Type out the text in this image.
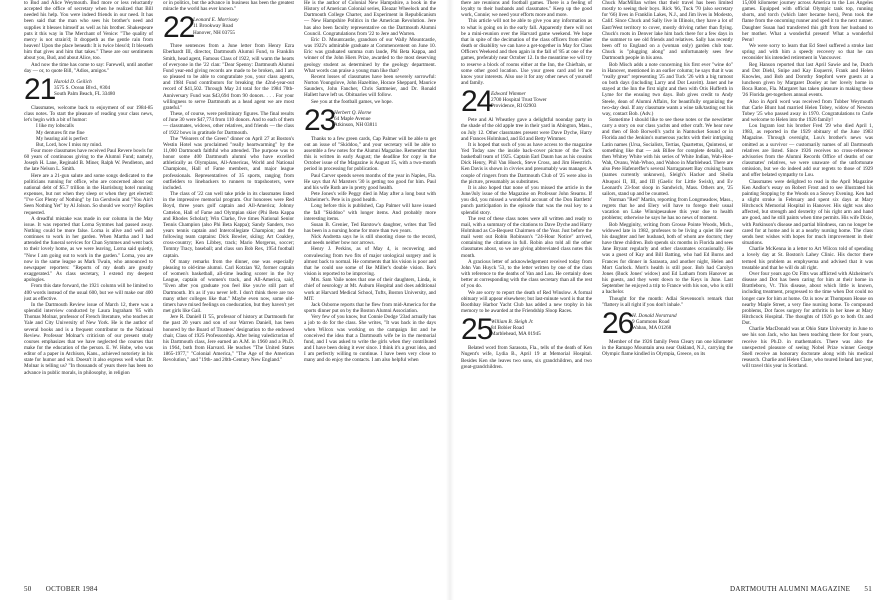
to Bud and Alice Weymouth. Bud more or less reluctantly accepted the office of secretary when he realized that Bill needed his help. You were indeed friends in our need. It has been said that the man who sees his brother's need and supplies it blesses himself as well as his brother. Shakespeare puts it this way in The Merchant of Venice: "The quality of mercy is not strain'd; It droppeth as the gentle rain from heaven! Upon the place beneath: It is twice bless'd; It blesseth him that gives and him that takes." These are our sentiments about you, Bud, and about Alice, too.

And now the time has come to say: Farewell, until another day — or, to quote Bill, "Adios, amigos."

21
Harold D. Geilich
3575 S. Ocean Blvd., #304
South Palm Beach, FL 33480

Classmates, welcome back to enjoyment of our 1984-85 class notes. To start the pleasure of reading your class news, let's begin with a bit of humor:

I like my lobscalls

My dentures fit me fine

My hearing aid is perfect

But, Lord, how I miss my mind.

Four more classmates have received Paul Revere bowls for 60 years of continuous giving to the Alumni Fund; namely, Joseph H. Lane, Reginald B. Miner, Ralph W. Pendleton, and the late Nelson L. Smith.

Here are a 21-gun salute and some songs dedicated to the politicians running for office, who are concerned about our national debt of $5.7 trillion in the Harrisburg hotel running expenses, but not when they sleep or when they get elected: "I've Got Plenty of Nothing" by Ira Gershwin and "You Ain't Seen Nothing Yet" by Al Jolson. So should we worry? Replies requested.

A dreadful mistake was made in our column in the May issue. It was reported that Lorna Symmes had passed away. Nothing could be more false. Lorna is alive and well and continues to work in her garden. When Martha and I had attended the funeral services for Chan Symmes and went back to their lovely home, as we were leaving, Lorna said quietly, "Now I am going out to work in the garden." Lorna, you are now in the same league as Mark Twain, who announced to newspaper reporters: "Reports of my death are greatly exaggerated." As class secretary, I extend my deepest apologies.

From this date forward, the 1921 column will be limited to 400 words instead of the usual 600, but we will make our 400 just as effective.

In the Dartmouth Review issue of March 12, there was a splendid interview conducted by Laura Ingraham '85 with Thomas Molnar, professor of French literature, who teaches at Yale and City University of New York. He is the author of several books and is a frequent contributor to the National Review. Professor Molnar's criticism of our present study courses emphasizes that we have neglected the courses that make for the education of the person. E. W. Hobe, who was editor of a paper in Atchison, Kans., achieved notoriety in his state for humor and wit. Doesn't it also express well what Dr. Molnar is telling us? "In thousands of years there has been no advance in public morals, in philosophy, in religion

or in politics, but the advance in business has been the greatest miracle the world has ever known."

22
Leonard E. Morrissey
11 Brookway Road
Hanover, NH 03755

Three sentences from a June letter from Henry Ezra Eberhardt III, director, Dartmouth Alumni Fund, to Franklin Smith, head agent, Famous Class of 1922, will warm the hearts of everyone in the '22 clan: "Dear Spenny: Dartmouth Alumni Fund year-end giving records are made to be broken, and I am so pleased to be able to congratulate you, your class agents, and 1984 Fund contributors for breaking the 42nd-year-out record of $41,502. Through May 24 total for the 1984 70th-Anniversary Fund was $43,694 from 90 donors. . . . For your willingness to serve Dartmouth as a head agent we are most grateful."

These, of course, were preliminary figures. The final results of June 30 were $47,774 from 110 donors. And to each of them — classmates, widows, other relatives, and friends — the class of 1922 bows in gratitude for Dartmouth.

The "Wearers of the Green" dinner on April 27 at Boston's Westin Hotel was proclaimed "really heartwarming" by the 11,000 Dartmouth faithful who attended. The purpose was to honor some 400 Dartmouth alumni who have excelled athletically as Olympians, All-Americas, World and National Champions, Hall of Fame members, and major league professionals. Representatives of 35 sports, ranging from outfielders to linebackers to runners to trapshooters, were included.

The class of '22 can well take pride in its classmates listed in the impressive memorial program. Our honorees were Red Boyd, three years golf captain and All-America; Johnny Cattelon, Hall of Fame and Olympian skier (Phi Beta Kappa and Rhodes Scholar); Win Clarke, five times National Senior Tennis Champion (also Phi Beta Kappa); Sandy Sanders, two years tennis captain and Intercollegiate Champion; and the following team captains: Dick Bowler, skiing; Art Coakley, cross-country; Ken Libbey, track; Mario Morgerus, soccer; Tommy Tracy, baseball; and class son Bob Rex, 1954 football captain.

Of many remarks from the dinner, one was especially pleasing to old-time alumni. Carl Kotzian '82, former captain of women's basketball, all-time leading scorer in the Ivy League, captain of women's track, and All-America, said, "Even after you graduate you feel like you're still part of Dartmouth. It's as if you never left. I don't think there are too many other colleges like that." Maybe even now, some old-timers have mixed feelings on coeducation, but they haven't yet met girls like Gail.

Jere R. Daniell II '55, professor of history at Dartmouth for the past 20 years and son of our Warren Daniell, has been honored by the Board of Trustees' designation to the endowed chair, Class of 1925 Professorship. After being valedictorian of his Dartmouth class, Jere earned an A.M. in 1960 and a Ph.D. in 1964, both from Harvard. He teaches "The United States 1865-1977," "Colonial America," "The Age of the American Revolution," and "19th- and 20th-Century New England."

He is the author of Colonial New Hampshire, a book in the History of American Colonial series, Eleazar Wheelock and the Dartmouth College Charter, and Experiment in Republicanism — New Hampshire Politics in the American Revolution. Jere has also been faculty representative on the Dartmouth Alumni Council. Congratulations from '22 to Jere and Warren.

Eric D. Mountcastle, grandson of our Wally Mountcastle, was 1922's admirable graduate at Commencement on June 10. Eric was graduated summa cum laude, Phi Beta Kappa, and winner of the John Hiers Prize, awarded to the most deserving geology student as determined by the geology department. What words can praise a young man like that?

Recent losses of classmates have been severely sorrowful: Norton Youngslove, John Hazeltine, Horace Sheppard, Maurice Saunders, John Fancher, Chris Sattmeier, and Dr. Ronald Hallett have left us. Obituaries will follow.

See you at the football games, we hope.

23
Herbert Q. Horne
64 Maple Avenue
Atkinson, NH 03811

Thanks to a few green cards, Cap Palmer will be able to get out an issue of "Skiddoo," and your secretary will be able to assemble a few notes for the Alumni Magazine. Remember that this is written in early August; the deadline for copy in the October issue of the Magazine is August 15, with a two-month period in processing for publication.

Paul Carver spends seven months of the year in Naples, Fla. He says that Al Marsters '30 is getting too good for him. Paul and his wife Ruth are in pretty good health.

Pete Jones's wife Peggy died in May after a long bout with Alzheimer's. Pete is in good health.

Long before this is published, Cap Palmer will have issued the fall "Skiddoo" with longer items. And probably more interesting items.

Susan B. Grenier, Ted Barstow's daughter, writes that Ted has been in a nursing home for more than two years.

Nick Andretta says he is still shooting close to the record, and needs neither bow nor arrows.

Henry J. Perkins, as of May 4, is recovering and convalescing from two fits of major urological surgery and is almost back to normal. He comments that his vision is poor and that he could use some of Ike Miller's double vision. Ike's vision is reported to be improving.

Mrs. Sam Vaile notes that one of their daughters, Linda, is chief of neurology at Mt. Auburn Hospital and does additional work at Harvard Medical School, Tufts, Boston University, and MIT.

Jack Osborne reports that he flew from mid-America for the sports dinner put on by the Boston Alumni Association.

Very few of you know, but Connie Dodge '23ad actually has a job to do for the class. She writes, "It was back in the days when Wilcox was working on the campaign list and he conceived the idea that a Dartmouth wife be in the memorial fund, and I was asked to write the girls when they contributed and I have been doing it ever since. I think it's a great idea, and I am perfectly willing to continue. I have been very close to many and do enjoy the contacts. I am also helpful when

there are reunions and football games. There is a feeling of loyalty to their husbands and classmates." Keep up the good work, Connie; we need your efforts more and more.

This article will not be able to give you any information as to what is going on in the early fall. Apparently there will not be a mini-reunion over the Harvard game weekend. We hope that in spite of the decimation of the class officers from either death or disability we can have a get-together in May for Class Officers Weekend and then again in the fall of '85 at one of the games, preferably near October 12. In the meantime we will try to reserve a block of rooms either at the Inn, the Chieftain, or some other good location. Use your green card and let me know your interests. Also use it for any other news of yourself and family.

24
Edward Wimmer
2700 Hospital Trust Tower
Providence, RI 02903

Pete and Al Wheatley gave a delightful noonday party in the shade of the old apple tree in their yard in Abington, Mass., on July 12. Other classmates present were Dave Dyche, Harry and Frances Holmlund, and Ed and Betty Wimmer.

It is hoped that such of you as have access to the magazine Yed Today saw the inside back-cover picture of the Tuck basketball team of 1925. Captain Earl Daum has as his cousins Dick Henry, Phil Van Hueck, Steve Cross, and Jim Heestrich. Ken Davis is shown in civvies and presumably was manager. A couple of ringers from the Dartmouth Club of '25 were also in the picture, presumably as substitutes.

It is also hoped that none of you missed the article in the June/July issue of the Magazine on Professor John Stearns. If you did, you missed a wonderful account of the Don Bartletts' punch participation in the episode that was the real key to a splendid story.

The rest of these class notes were all written and ready to mail, with a summary of the citations to Dave Dyche and Harry Holmlund as Co-Bequest Chairmen of the Year. Just before the mail went out Robin Robinson's "24-Hour Notice" arrived, containing the citations in full. Robin also told all the other classmates about, so we are giving abbreviated class notes this month.

A gracious letter of acknowledgement received today from John Van Huyck '53, to the letter written by one of the class with reference to the deaths of Van and Lou. He certainly does better at corresponding with the class secretary than all the rest of you do.

We are sorry to report the death of Red Winslow. A formal obituary will appear elsewhere; but last-minute word is that the Boothbay Harbor Yacht Club has added a new trophy in his memory to be awarded at the Friendship Sloop Races.

25
William B. Sleigh Jr.
84 Bobier Road
Marblehead, MA 01945

Belated word from Sarasota, Fla., tells of the death of Ken Nugent's wife, Lydia B., April 19 at Memorial Hospital. Besides Ken she leaves two sons, six grandchildren, and two great-grandchildren.

Chuck MacMillan writes that their travel has been limited mostly to seeing their boys. Rick '66, Tuck '70 (also secretary for '66) lives in Franklin Lakes, N.J., and Jim lives in Modesto, Calif. Since Chuck and Sally live in Illinois, they have a lot of East/West territory to cover, mostly driving rather than flying. Chuck's roots in Denver lake him back there for a few days in the summer to see old friends and relatives. Sally has recently been off to England on a (woman only) garden club tour. Chuck is "plugging along" and unfortunately sees few Dartmouth people in his area.

Bob Misch adds a note concerning his first ever "wine do" in Hanover, mentioned in an earlier column; he says that it was "really great" representing '25 and Tuck '26 with a big turnout on both days (including Larry and Dot Leavitt). Janet and he stayed at the Inn the first night and then with Otis Hufferth in Lyme for the ensuing two days. Bob gives credit to Andy Steele, dean of Alumni Affairs, for beautifully organizing the two-day deal. If any classmate wants a wine talk/tasting out his way, contact Bob. (Adv.)

Sometime I should like to see these notes or the newsletter carry a story on our class yachts and other craft. We hear now and then of Bob Borwell's yacht in Nantucket Sound or in Florida and the Jenkins's numerous yachts with their intriguing Latin names (Ursa, Socialists, Tertias, Quartettus, Quintensi, or something like that — ask Billee for complete details), and then Whitey White with his series of White Indian, Wah-Hoo-Wah, Ovanu, Wah-Whoo, and Wahoo in Marblehead. There are also Pete Hafenreffer's several Narragansett Bay cruising boats (names currently unknown), Sleigh's Hacker and Sheila Abuquoi II, III, and III (Gaelic for Little Swish), and Ev Leonard's 23-foot sloop in Sandwich, Mass. Others are, '25 sailors, stand up and be counted.

Norman "Red" Martin, reporting from Longmeadow, Mass., regrets that he and Elery will have to forego their usual vacation on Lake Winnipesaukee this year due to health problems; otherwise he says he has no news of moment.

Bob Megginity, writing from Grosse Pointe Woods, Mich., widowed late in 1982, professes to be living a quiet life near his daughter and her husband, both of whom are doctors; they have three children. Bob spends six months in Florida and sees Jane Bryant regularly and other classmates occasionally. He was a guest of Kay and Bill Batting, who had Ed Burns and Frances for dinner in Sarasota, and another night, Helen and Mort Garlock. Mort's health is still poor. Bob had Carolyn Jones (Buck Jones' widow) and Ed Latham from Hanover as his guests, and they went down to the Keys in June. Last September he enjoyed a trip to France with his son, who is still a bachelor.

Thought for the month: Adlai Stevenson's remark that "flattery is all right if you don't inhale."

26
H. Donald Norstrand
9 Gammons Road
Waban, MA 01268

Member of the 1926 family Penn Cleary ran one kilometer in the Ramapo Mountain area near Oakland, N.J., carrying the Olympic flame kindled in Olympia, Greece, on its

15,000 kilometer journey across America to the Los Angeles games. Equipped with official Olympic tank top, running shorts, and torch (which later became hers), Penn took the flame from the oncoming runner and sped it to the next runner. Daughter Susan had transferred this gift from her husband to her mother. What a wonderful present! What a wonderful Penn!

We were sorry to learn that Ed Steel suffered a stroke last spring and with him a speedy recovery so that he can reconsider his intended retirement in Vancouver.

Reg Hanson reported that last April Sawie and he, Dutch and Dot Diehl, Snipe and Kay Esquerré, Frank and Helen Knowles, and Bob and Dorothy Stepford were guests at a luncheon given by Margaret Dooley at her lovely home in Boca Raton, Fla. Margaret has taken pleasure in making these '26 Florida get-togethers annual events.

Also in April word was received from Tubber Weymouth that Carle Blunt had married Helen Tobey, widow of Newton Tobey '25 who passed away in 1970. Congratulations to Carle and welcome to Helen into the 1926 family!

Lou Ingram lost his brother Fred '29 who died April 1, 1983, as reported in the 1929 obituary of the June 1983 Magazine. Through oversight, Lou's brother's news was omitted as a survivor — customarily names of all Dartmouth relatives are listed. Since 1926 receives no cross-reference advisories from the Alumni Records Office of deaths of our classmates' relatives, we were unaware of the unfortunate omission, but we do indeed add our regrets to those of 1929 and offer belated sympathy to Lou.

Classmates were delighted to read in the April Magazine Ken Andlor's essay on Robert Frost and to see illustrated his painting Stopping by the Woods on a Snowy Evening. Ken had a slight stroke in February and spent six days at Mary Hitchcock Memorial Hospital in Hanover. His sight was also affected, but strength and dexterity of his right arm and hand are good, and he still paints when time permits. His wife Dixie, with Parkinson's disease and partial blindness, can no longer be cared for at home and is at a nearby nursing home. The class sends best wishes with hopes for much improvement in their situations.

Charlie McKenna in a letter to Art Wilcox told of spending a lovely day at St. Boston's Lahey Clinic. His doctor there termed his problem as emphysema and advised that it was treatable and that he will do all right.

Over four years ago Oz Fitts was afflicted with Alzheimer's disease and Dot has been caring for him at their home in Brattleboro, Vt. This disease, about which little is known, including treatment, progressed to the time when Dot could no longer care for him at home. Oz is now at Thompson House on nearby Maple Street, a very fine nursing home. To compound problems, Dot faces surgery for arthritis in her knee at Mary Hitchcock Hospital. The thoughts of 1926 go to both Oz and Dot.

Charlie MacDonald was at Ohio State University in June to see his son Jack, who has been teaching there for four years, receive his Ph.D. in mathematics. There was also the unexpected pleasure of seeing Nobel Prize winner George Snell receive an honorary doctorate along with his medical research. Charlie and Helen Clare, who toured Ireland last year, will travel this year in Scotland.

50 OCTOBER 1984	DARTMOUTH ALUMNI MAGAZINE 51
